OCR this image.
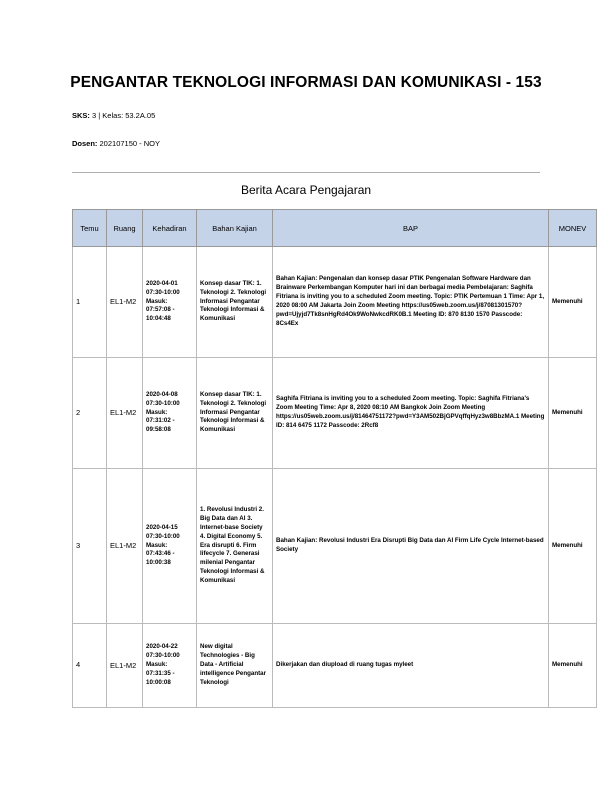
PENGANTAR TEKNOLOGI INFORMASI DAN KOMUNIKASI - 153
SKS: 3 | Kelas: 53.2A.05
Dosen: 202107150 - NOY
Berita Acara Pengajaran
Temu	Ruang	Kehadiran	Bahan Kajian	BAP	MONEV
1	EL1-M2	2020-04-01 07:30-10:00 Masuk: 07:57:08 - 10:04:48	Konsep dasar TIK: 1. Teknologi 2. Teknologi Informasi Pengantar Teknologi Informasi & Komunikasi	Bahan Kajian: Pengenalan dan konsep dasar PTIK Pengenalan Software Hardware dan Brainware Perkembangan Komputer hari ini dan berbagai media Pembelajaran: Saghifa Fitriana is inviting you to a scheduled Zoom meeting. Topic: PTIK Pertemuan 1 Time: Apr 1, 2020 08:00 AM Jakarta Join Zoom Meeting https://us05web.zoom.us/j/87081301570?pwd=Ujyjd7Tk8snHgRd4Ok9WoNwkcdRK0B.1 Meeting ID: 870 8130 1570 Passcode: 8Cs4Ex	Memenuhi
2	EL1-M2	2020-04-08 07:30-10:00 Masuk: 07:31:02 - 09:58:08	Konsep dasar TIK: 1. Teknologi 2. Teknologi Informasi Pengantar Teknologi Informasi & Komunikasi	Saghifa Fitriana is inviting you to a scheduled Zoom meeting. Topic: Saghifa Fitriana's Zoom Meeting Time: Apr 8, 2020 08:10 AM Bangkok Join Zoom Meeting https://us05web.zoom.us/j/81464751172?pwd=Y3AM502BjGPVqffqHyz3w8BbzMA.1 Meeting ID: 814 6475 1172 Passcode: 2Rcf8	Memenuhi
3	EL1-M2	2020-04-15 07:30-10:00 Masuk: 07:43:46 - 10:00:38	1. Revolusi Industri 2. Big Data dan AI 3. Internet-base Society 4. Digital Economy 5. Era disrupti 6. Firm lifecycle 7. Generasi milenial Pengantar Teknologi Informasi & Komunikasi	Bahan Kajian: Revolusi Industri Era Disrupti Big Data dan AI Firm Life Cycle Internet-based Society	Memenuhi
4	EL1-M2	2020-04-22 07:30-10:00 Masuk: 07:31:35 - 10:00:08	New digital Technologies - Big Data - Artificial intelligence Pengantar Teknologi	Dikerjakan dan diupload di ruang tugas myleet	Memenuhi
